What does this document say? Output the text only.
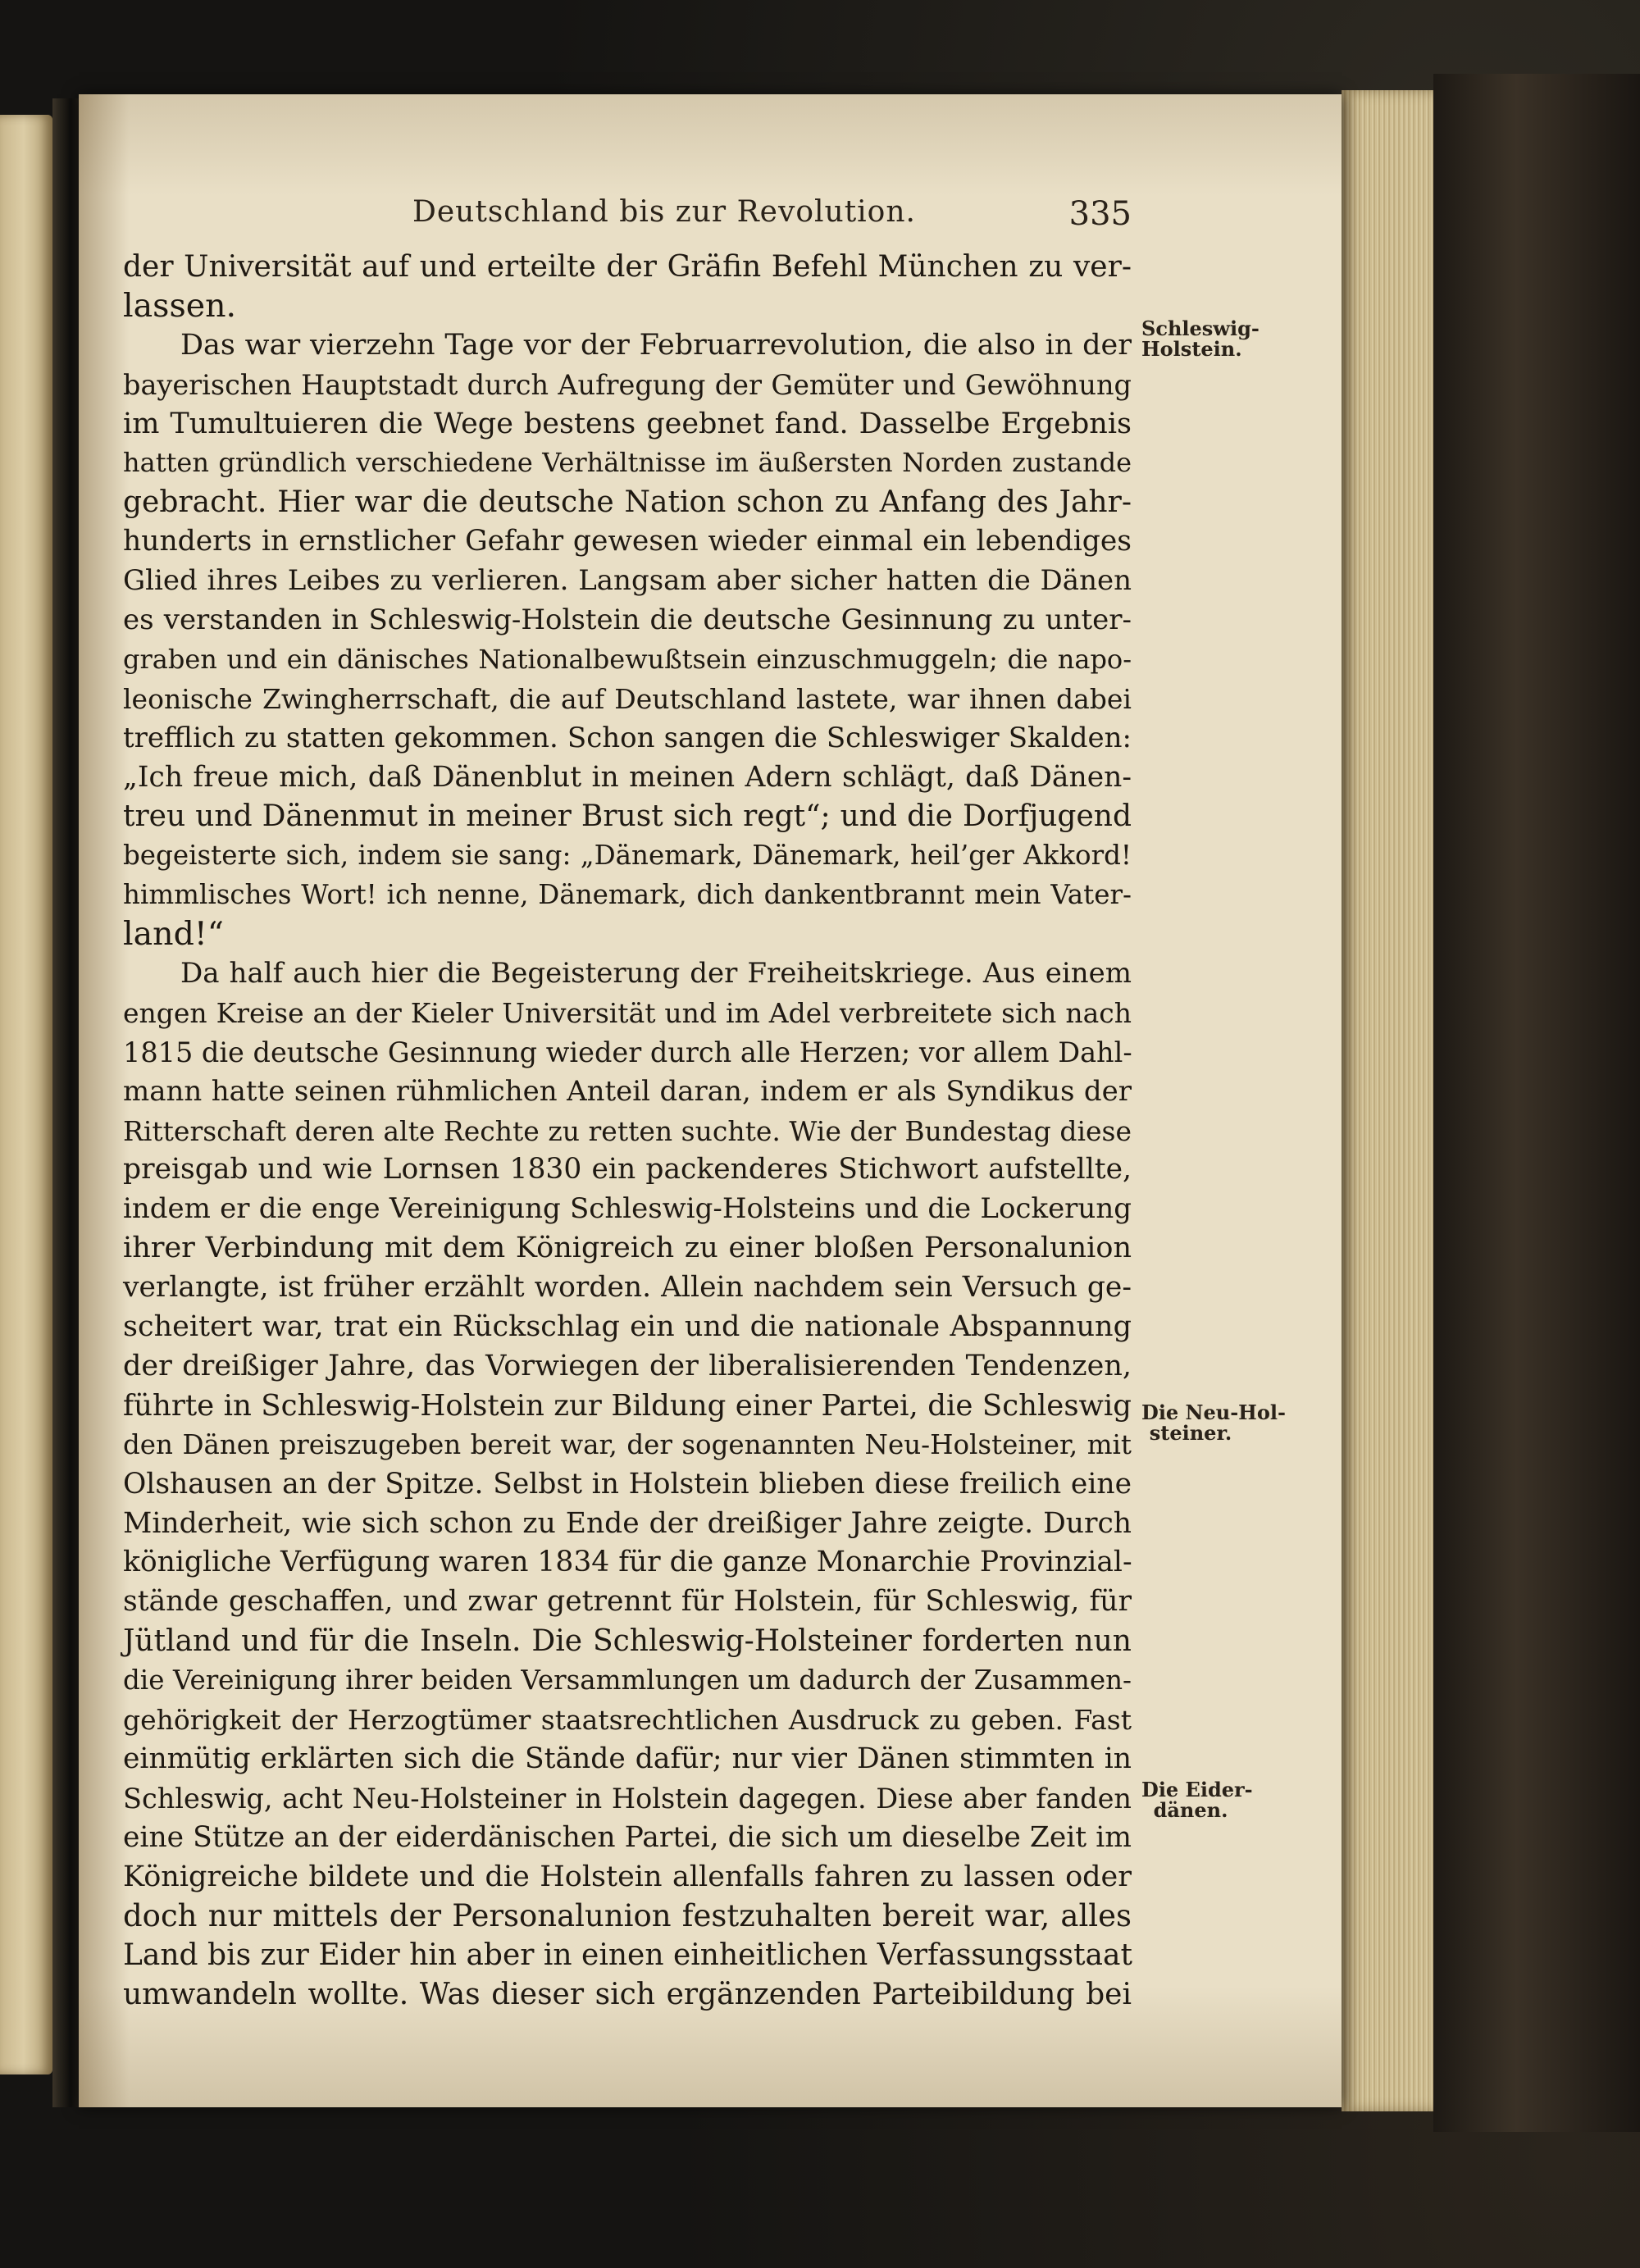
Deutschland bis zur Revolution.	335
der Universität auf und erteilte der Gräfin Befehl München zu ver-
lassen.
Das war vierzehn Tage vor der Februarrevolution, die also in der
bayerischen Hauptstadt durch Aufregung der Gemüter und Gewöhnung
im Tumultuieren die Wege bestens geebnet fand. Dasselbe Ergebnis
hatten gründlich verschiedene Verhältnisse im äußersten Norden zustande
gebracht. Hier war die deutsche Nation schon zu Anfang des Jahr-
hunderts in ernstlicher Gefahr gewesen wieder einmal ein lebendiges
Glied ihres Leibes zu verlieren. Langsam aber sicher hatten die Dänen
es verstanden in Schleswig-Holstein die deutsche Gesinnung zu unter-
graben und ein dänisches Nationalbewußtsein einzuschmuggeln; die napo-
leonische Zwingherrschaft, die auf Deutschland lastete, war ihnen dabei
trefflich zu statten gekommen. Schon sangen die Schleswiger Skalden:
„Ich freue mich, daß Dänenblut in meinen Adern schlägt, daß Dänen-
treu und Dänenmut in meiner Brust sich regt“; und die Dorfjugend
begeisterte sich, indem sie sang: „Dänemark, Dänemark, heil’ger Akkord!
himmlisches Wort! ich nenne, Dänemark, dich dankentbrannt mein Vater-
land!“
Da half auch hier die Begeisterung der Freiheitskriege. Aus einem
engen Kreise an der Kieler Universität und im Adel verbreitete sich nach
1815 die deutsche Gesinnung wieder durch alle Herzen; vor allem Dahl-
mann hatte seinen rühmlichen Anteil daran, indem er als Syndikus der
Ritterschaft deren alte Rechte zu retten suchte. Wie der Bundestag diese
preisgab und wie Lornsen 1830 ein packenderes Stichwort aufstellte,
indem er die enge Vereinigung Schleswig-Holsteins und die Lockerung
ihrer Verbindung mit dem Königreich zu einer bloßen Personalunion
verlangte, ist früher erzählt worden. Allein nachdem sein Versuch ge-
scheitert war, trat ein Rückschlag ein und die nationale Abspannung
der dreißiger Jahre, das Vorwiegen der liberalisierenden Tendenzen,
führte in Schleswig-Holstein zur Bildung einer Partei, die Schleswig
den Dänen preiszugeben bereit war, der sogenannten Neu-Holsteiner, mit
Olshausen an der Spitze. Selbst in Holstein blieben diese freilich eine
Minderheit, wie sich schon zu Ende der dreißiger Jahre zeigte. Durch
königliche Verfügung waren 1834 für die ganze Monarchie Provinzial-
stände geschaffen, und zwar getrennt für Holstein, für Schleswig, für
Jütland und für die Inseln. Die Schleswig-Holsteiner forderten nun
die Vereinigung ihrer beiden Versammlungen um dadurch der Zusammen-
gehörigkeit der Herzogtümer staatsrechtlichen Ausdruck zu geben. Fast
einmütig erklärten sich die Stände dafür; nur vier Dänen stimmten in
Schleswig, acht Neu-Holsteiner in Holstein dagegen. Diese aber fanden
eine Stütze an der eiderdänischen Partei, die sich um dieselbe Zeit im
Königreiche bildete und die Holstein allenfalls fahren zu lassen oder
doch nur mittels der Personalunion festzuhalten bereit war, alles
Land bis zur Eider hin aber in einen einheitlichen Verfassungsstaat
umwandeln wollte. Was dieser sich ergänzenden Parteibildung bei
Schleswig-
Holstein.
Die Neu-Hol-
steiner.
Die Eider-
dänen.
